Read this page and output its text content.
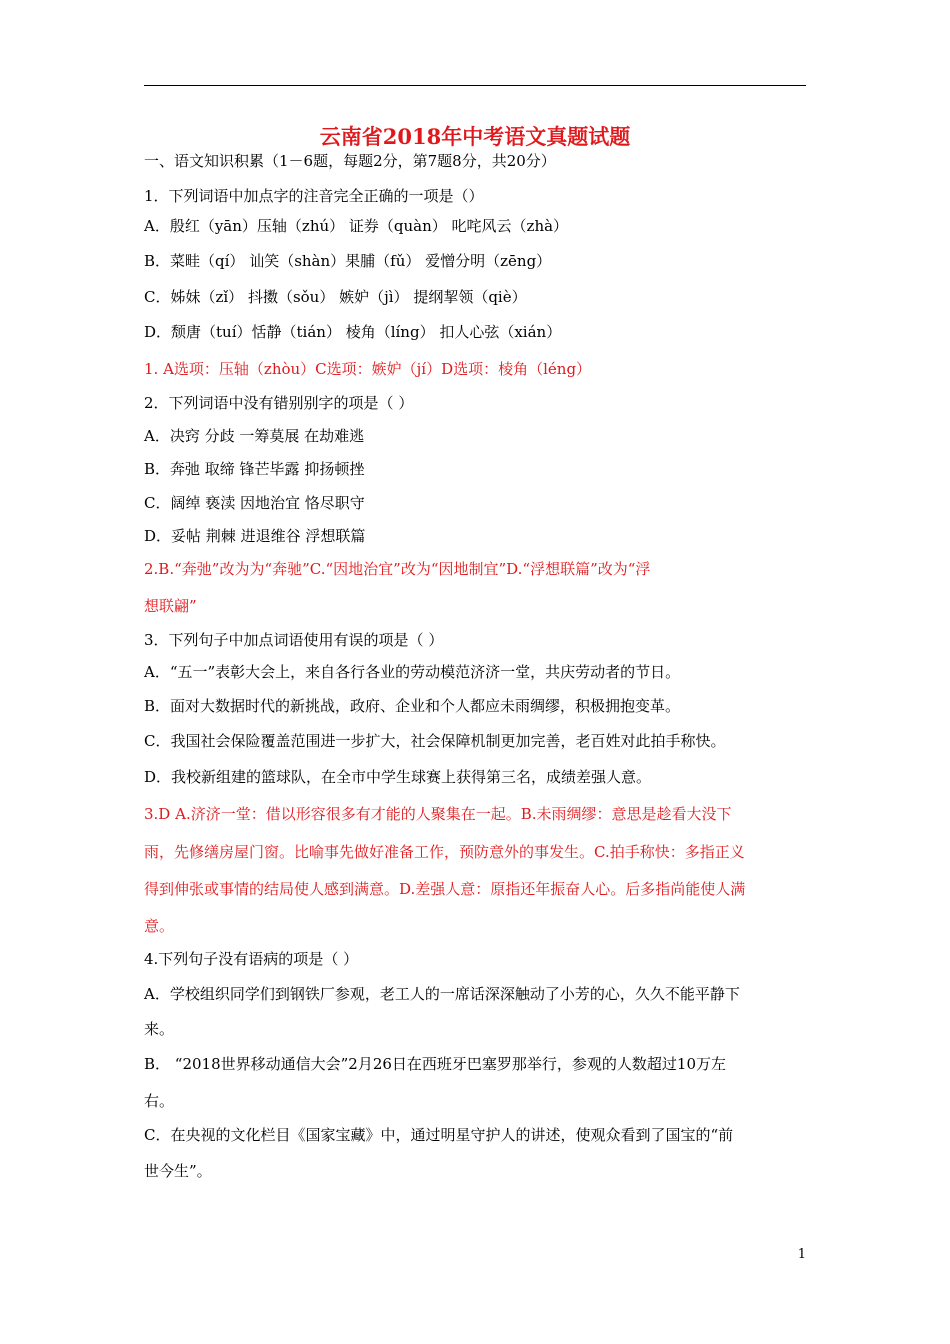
云南省2018年中考语文真题试题
一、语文知识积累（1－6题，每题2分，第7题8分，共20分）
1．下列词语中加点字的注音完全正确的一项是（）
A．殷红（yān）压轴（zhú） 证券（quàn） 叱咤风云（zhà）
B．菜畦（qí） 讪笑（shàn）果脯（fǔ） 爱憎分明（zēng）
C．姊妹（zǐ） 抖擞（sǒu） 嫉妒（jì） 提纲挈领（qiè）
D．颓唐（tuí）恬静（tián） 棱角（líng） 扣人心弦（xián）
1. A选项：压轴（zhòu）C选项：嫉妒（jí）D选项：棱角（léng）
2．下列词语中没有错别别字的项是（ ）
A．决窍 分歧 一筹莫展 在劫难逃
B．奔弛 取缔 锋芒毕露 抑扬顿挫
C．阔绰 亵渎 因地治宜 恪尽职守
D．妥帖 荆棘 进退维谷 浮想联篇
2.B.“奔弛”改为为“奔驰”C.“因地治宜”改为“因地制宜”D.“浮想联篇”改为“浮
想联翩”
3．下列句子中加点词语使用有误的项是（ ）
A．“五一”表彰大会上，来自各行各业的劳动模范济济一堂，共庆劳动者的节日。
B．面对大数据时代的新挑战，政府、企业和个人都应未雨绸缪，积极拥抱变革。
C．我国社会保险覆盖范围进一步扩大，社会保障机制更加完善，老百姓对此拍手称快。
D．我校新组建的篮球队，在全市中学生球赛上获得第三名，成绩差强人意。
3.D A.济济一堂：借以形容很多有才能的人聚集在一起。B.未雨绸缪：意思是趁看大没下
雨，先修缮房屋门窗。比喻事先做好准备工作，预防意外的事发生。C.拍手称快：多指正义
得到伸张或事情的结局使人感到满意。D.差强人意：原指还年振奋人心。后多指尚能使人满
意。
4.下列句子没有语病的项是（ ）
A．学校组织同学们到钢铁厂参观，老工人的一席话深深触动了小芳的心，久久不能平静下
来。
B． “2018世界移动通信大会”2月26日在西班牙巴塞罗那举行，参观的人数超过10万左
右。
C．在央视的文化栏目《国家宝藏》中，通过明星守护人的讲述，使观众看到了国宝的“前
世今生”。
1
